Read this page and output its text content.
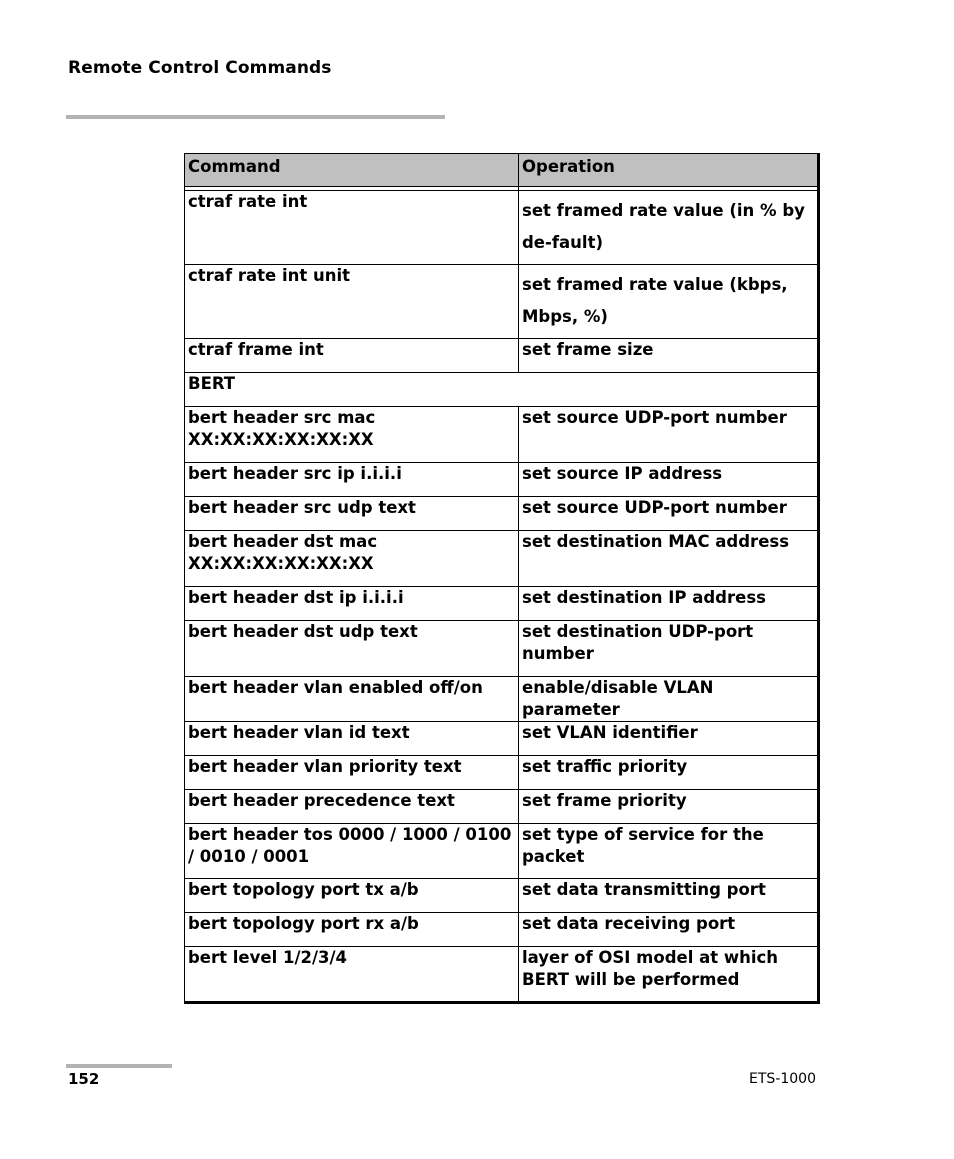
Remote Control Commands
Command	Operation

ctraf rate int	set framed rate value (in % by de-fault)
ctraf rate int unit	set framed rate value (kbps, Mbps, %)
ctraf frame int	set frame size
BERT	
bert header src mac XX:XX:XX:XX:XX:XX	set source UDP-port number
bert header src ip i.i.i.i	set source IP address
bert header src udp text	set source UDP-port number
bert header dst mac XX:XX:XX:XX:XX:XX	set destination MAC address
bert header dst ip i.i.i.i	set destination IP address
bert header dst udp text	set destination UDP-port number
bert header vlan enabled off/on	enable/disable VLAN parameter
bert header vlan id text	set VLAN identifier
bert header vlan priority text	set traffic priority
bert header precedence text	set frame priority
bert header tos 0000 / 1000 / 0100 / 0010 / 0001	set type of service for the packet
bert topology port tx a/b	set data transmitting port
bert topology port rx a/b	set data receiving port
bert level 1/2/3/4	layer of OSI model at which BERT will be performed
152	ETS-1000
